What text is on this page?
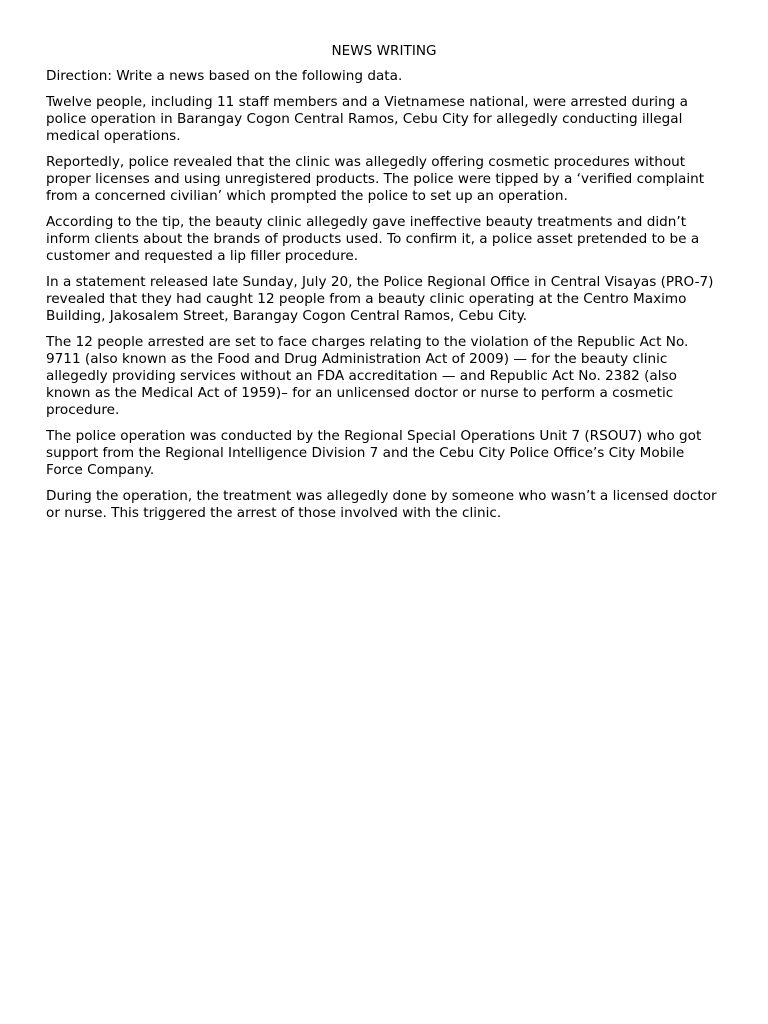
NEWS WRITING
Direction: Write a news based on the following data.
Twelve people, including 11 staff members and a Vietnamese national, were arrested during a police operation in Barangay Cogon Central Ramos, Cebu City for allegedly conducting illegal medical operations.
Reportedly, police revealed that the clinic was allegedly offering cosmetic procedures without proper licenses and using unregistered products. The police were tipped by a ‘verified complaint from a concerned civilian’ which prompted the police to set up an operation.
According to the tip, the beauty clinic allegedly gave ineffective beauty treatments and didn’t inform clients about the brands of products used. To confirm it, a police asset pretended to be a customer and requested a lip filler procedure.
In a statement released late Sunday, July 20, the Police Regional Office in Central Visayas (PRO-7) revealed that they had caught 12 people from a beauty clinic operating at the Centro Maximo Building, Jakosalem Street, Barangay Cogon Central Ramos, Cebu City.
The 12 people arrested are set to face charges relating to the violation of the Republic Act No. 9711 (also known as the Food and Drug Administration Act of 2009) — for the beauty clinic allegedly providing services without an FDA accreditation — and Republic Act No. 2382 (also known as the Medical Act of 1959)– for an unlicensed doctor or nurse to perform a cosmetic procedure.
The police operation was conducted by the Regional Special Operations Unit 7 (RSOU7) who got support from the Regional Intelligence Division 7 and the Cebu City Police Office’s City Mobile Force Company.
During the operation, the treatment was allegedly done by someone who wasn’t a licensed doctor or nurse. This triggered the arrest of those involved with the clinic.
